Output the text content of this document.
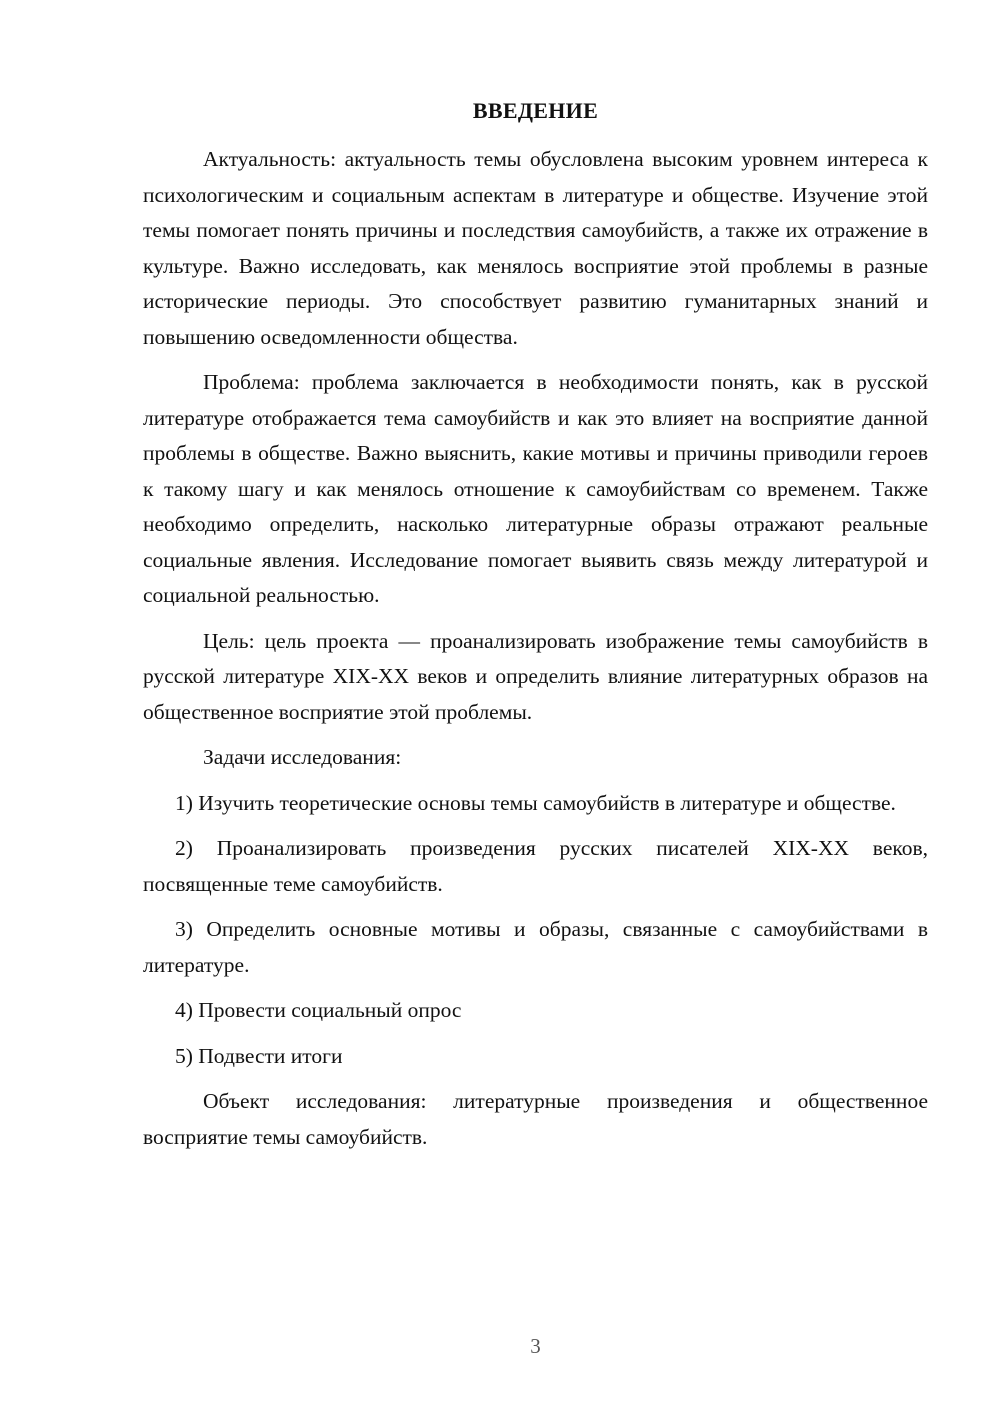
ВВЕДЕНИЕ

Актуальность: актуальность темы обусловлена высоким уровнем интереса к психологическим и социальным аспектам в литературе и обществе. Изучение этой темы помогает понять причины и последствия самоубийств, а также их отражение в культуре. Важно исследовать, как менялось восприятие этой проблемы в разные исторические периоды. Это способствует развитию гуманитарных знаний и повышению осведомленности общества.

Проблема: проблема заключается в необходимости понять, как в русской литературе отображается тема самоубийств и как это влияет на восприятие данной проблемы в обществе. Важно выяснить, какие мотивы и причины приводили героев к такому шагу и как менялось отношение к самоубийствам со временем. Также необходимо определить, насколько литературные образы отражают реальные социальные явления. Исследование помогает выявить связь между литературой и социальной реальностью.

Цель: цель проекта — проанализировать изображение темы самоубийств в русской литературе XIX-XX веков и определить влияние литературных образов на общественное восприятие этой проблемы.

Задачи исследования:

1) Изучить теоретические основы темы самоубийств в литературе и обществе.

2) Проанализировать произведения русских писателей XIX-XX веков, посвященные теме самоубийств.

3) Определить основные мотивы и образы, связанные с самоубийствами в литературе.

4) Провести социальный опрос

5) Подвести итоги

Объект исследования: литературные произведения и общественное восприятие темы самоубийств.

3
